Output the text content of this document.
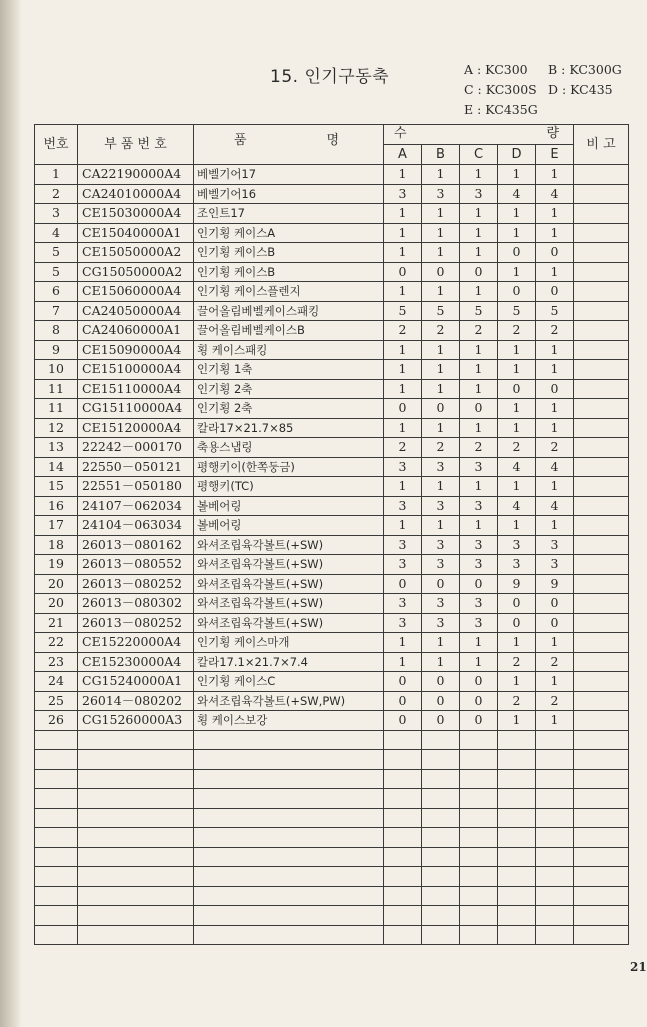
15. 인기구동축	A : KC300 B : KC300G
C : KC300S D : KC435
E : KC435G
번호	부 품 번 호	품 명	수 량					비 고
			A	B	C	D	E	
1	CA22190000A4	베벨기어17	1	1	1	1	1	
2	CA24010000A4	베벨기어16	3	3	3	4	4	
3	CE15030000A4	조인트17	1	1	1	1	1	
4	CE15040000A1	인기횡 케이스A	1	1	1	1	1	
5	CE15050000A2	인기횡 케이스B	1	1	1	0	0	
5	CG15050000A2	인기횡 케이스B	0	0	0	1	1	
6	CE15060000A4	인기횡 케이스플렌지	1	1	1	0	0	
7	CA24050000A4	끌어올림베벨케이스패킹	5	5	5	5	5	
8	CA24060000A1	끌어올림베벨케이스B	2	2	2	2	2	
9	CE15090000A4	횡 케이스패킹	1	1	1	1	1	
10	CE15100000A4	인기횡 1축	1	1	1	1	1	
11	CE15110000A4	인기횡 2축	1	1	1	0	0	
11	CG15110000A4	인기횡 2축	0	0	0	1	1	
12	CE15120000A4	칼라17×21.7×85	1	1	1	1	1	
13	22242－000170	축용스냅링	2	2	2	2	2	
14	22550－050121	평행키이(한쪽둥금)	3	3	3	4	4	
15	22551－050180	평행키(TC)	1	1	1	1	1	
16	24107－062034	볼베어링	3	3	3	4	4	
17	24104－063034	볼베어링	1	1	1	1	1	
18	26013－080162	와셔조립육각볼트(+SW)	3	3	3	3	3	
19	26013－080552	와셔조립육각볼트(+SW)	3	3	3	3	3	
20	26013－080252	와셔조립육각볼트(+SW)	0	0	0	9	9	
20	26013－080302	와셔조립육각볼트(+SW)	3	3	3	0	0	
21	26013－080252	와셔조립육각볼트(+SW)	3	3	3	0	0	
22	CE15220000A4	인기횡 케이스마개	1	1	1	1	1	
23	CE15230000A4	칼라17.1×21.7×7.4	1	1	1	2	2	
24	CG15240000A1	인기횡 케이스C	0	0	0	1	1	
25	26014－080202	와셔조립육각볼트(+SW,PW)	0	0	0	2	2	
26	CG15260000A3	횡 케이스보강	0	0	0	1	1	

21
